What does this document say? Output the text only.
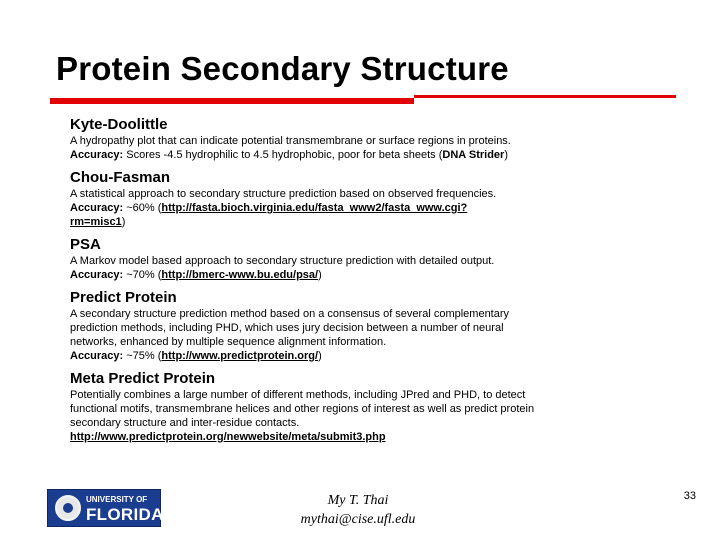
Protein Secondary Structure
Kyte-Doolittle
A hydropathy plot that can indicate potential transmembrane or surface regions in proteins.
Accuracy: Scores -4.5 hydrophilic to 4.5 hydrophobic, poor for beta sheets (DNA Strider)
Chou-Fasman
A statistical approach to secondary structure prediction based on observed frequencies.
Accuracy: ~60% (http://fasta.bioch.virginia.edu/fasta_www2/fasta_www.cgi?
rm=misc1)
PSA
A Markov model based approach to secondary structure prediction with detailed output.
Accuracy: ~70% (http://bmerc-www.bu.edu/psa/)
Predict Protein
A secondary structure prediction method based on a consensus of several complementary
prediction methods, including PHD, which uses jury decision between a number of neural
networks, enhanced by multiple sequence alignment information.
Accuracy: ~75% (http://www.predictprotein.org/)
Meta Predict Protein
Potentially combines a large number of different methods, including JPred and PHD, to detect
functional motifs, transmembrane helices and other regions of interest as well as predict protein
secondary structure and inter-residue contacts.
http://www.predictprotein.org/newwebsite/meta/submit3.php
UNIVERSITY OF
FLORIDA
My T. Thai
mythai@cise.ufl.edu
33
